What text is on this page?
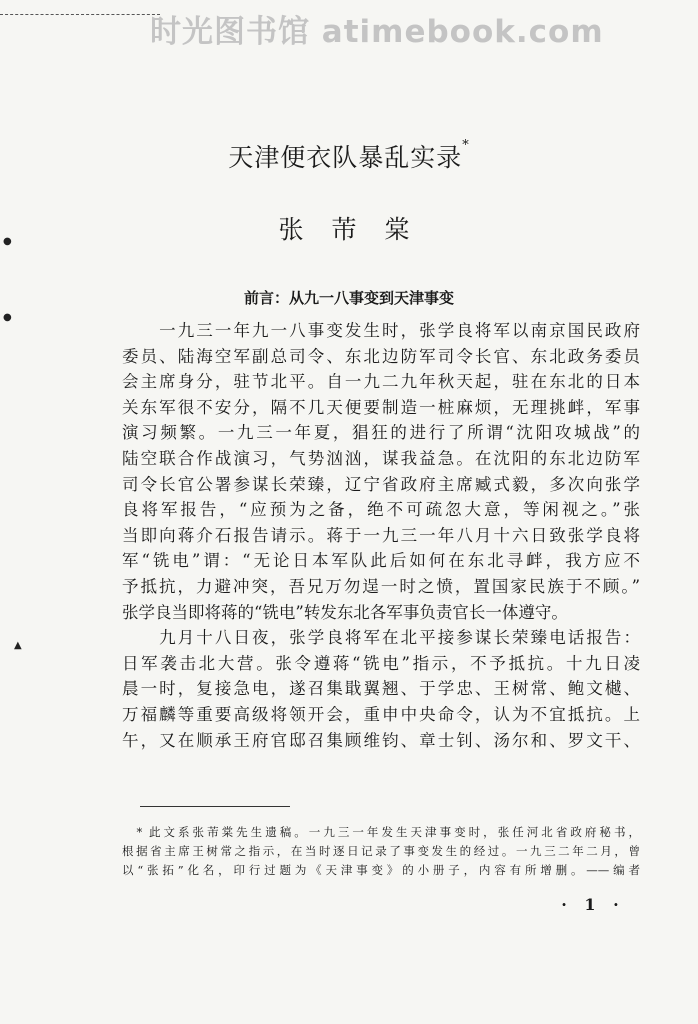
时光图书馆 atimebook.com
天津便衣队暴乱实录*
张 芾 棠
前言：从九一八事变到天津事变
　　一九三一年九一八事变发生时，张学良将军以南京国民政府
委员、陆海空军副总司令、东北边防军司令长官、东北政务委员
会主席身分，驻节北平。自一九二九年秋天起，驻在东北的日本
关东军很不安分，隔不几天便要制造一桩麻烦，无理挑衅，军事
演习频繁。一九三一年夏，猖狂的进行了所谓“沈阳攻城战”的
陆空联合作战演习，气势汹汹，谋我益急。在沈阳的东北边防军
司令长官公署参谋长荣臻，辽宁省政府主席臧式毅，多次向张学
良将军报告，“应预为之备，绝不可疏忽大意，等闲视之。”张
当即向蒋介石报告请示。蒋于一九三一年八月十六日致张学良将
军“铣电”谓：“无论日本军队此后如何在东北寻衅，我方应不
予抵抗，力避冲突，吾兄万勿逞一时之愤，置国家民族于不顾。”
张学良当即将蒋的“铣电”转发东北各军事负责官长一体遵守。
　　九月十八日夜，张学良将军在北平接参谋长荣臻电话报告：
日军袭击北大营。张令遵蒋“铣电”指示，不予抵抗。十九日凌
晨一时，复接急电，遂召集戢翼翘、于学忠、王树常、鲍文樾、
万福麟等重要高级将领开会，重申中央命令，认为不宜抵抗。上
午，又在顺承王府官邸召集顾维钧、章士钊、汤尔和、罗文干、
　* 此文系张芾棠先生遗稿。一九三一年发生天津事变时，张任河北省政府秘书，
根据省主席王树常之指示，在当时逐日记录了事变发生的经过。一九三二年二月，曾
以“张拓”化名，印行过题为《天津事变》的小册子，内容有所增删。——编者
· 1 ·
●
●
▲
